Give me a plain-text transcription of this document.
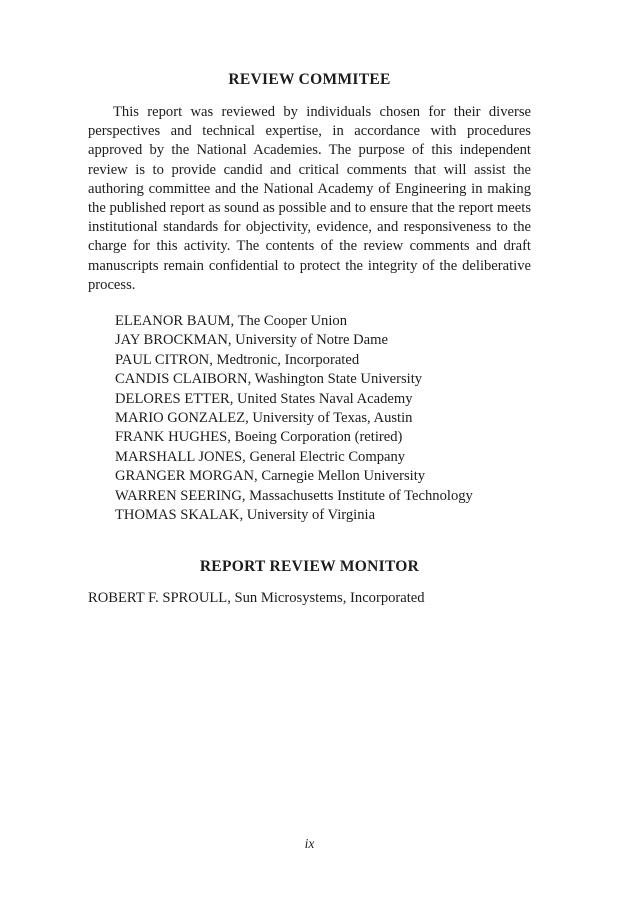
REVIEW COMMITEE

This report was reviewed by individuals chosen for their diverse perspectives and technical expertise, in accordance with procedures approved by the National Academies. The purpose of this independent review is to provide candid and critical comments that will assist the authoring committee and the National Academy of Engineering in making the published report as sound as possible and to ensure that the report meets institutional standards for objectivity, evidence, and responsiveness to the charge for this activity. The contents of the review comments and draft manuscripts remain confidential to protect the integrity of the deliberative process.

ELEANOR BAUM, The Cooper Union
JAY BROCKMAN, University of Notre Dame
PAUL CITRON, Medtronic, Incorporated
CANDIS CLAIBORN, Washington State University
DELORES ETTER, United States Naval Academy
MARIO GONZALEZ, University of Texas, Austin
FRANK HUGHES, Boeing Corporation (retired)
MARSHALL JONES, General Electric Company
GRANGER MORGAN, Carnegie Mellon University
WARREN SEERING, Massachusetts Institute of Technology
THOMAS SKALAK, University of Virginia
REPORT REVIEW MONITOR

ROBERT F. SPROULL, Sun Microsystems, Incorporated

ix
